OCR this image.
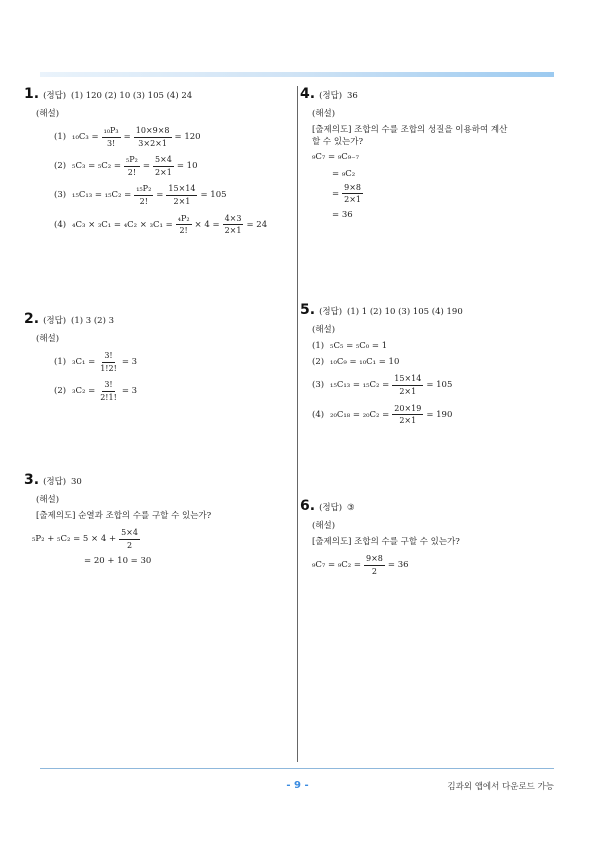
1. (정답) (1) 120 (2) 10 (3) 105 (4) 24
(해설)
(1) $_{10}C_3 = \frac{\text{₁₀P₃}}{3!} = \frac{10\times 9\times 8}{3\times 2\times 1} = 120$
(2) $_5C_3 = _5C_2 = \frac{\text{₅P₂}}{2!} = \frac{5\times 4}{2\times 1} = 10$
(3) $_{15}C_{13} = _{15}C_2 = \frac{\text{₁₅P₂}}{2!} = \frac{15\times 14}{2\times 1} = 105$
(4) $_4C_3 \times _3C_1 = _4C_2 \times _3C_1 = \frac{\text{₄P₂}}{2!} \times 4 = \frac{4\times 3}{2\times 1} = 24$
2. (정답) (1) 3 (2) 3
(해설)
(1) $_3C_1 = \frac{3!}{1!2!} = 3$
(2) $_3C_2 = \frac{3!}{2!1!} = 3$
3. (정답) 30
(해설)
[출제의도] 순열과 조합의 수를 구할 수 있는가?
$_5P_2 + _5C_2 = 5 \times 4 + \frac{5\times 4}{2}$
= 20 + 10 = 30
4. (정답) 36
(해설)
[출제의도] 조합의 수를 조합의 성질을 이용하여 계산
할 수 있는가?
₉C₇ = ₉C₉₋₇
= ₉C₂
= $\frac{9\times 8}{2\times 1}$
= 36
5. (정답) (1) 1 (2) 10 (3) 105 (4) 190
(해설)
(1) ₅C₅ = ₅C₀ = 1
(2) ₁₀C₉ = ₁₀C₁ = 10
(3) $_{15}C_{13} = _{15}C_2 = \frac{15\times 14}{2\times 1} = 105$
(4) $_{20}C_{18} = _{20}C_2 = \frac{20\times 19}{2\times 1} = 190$
6. (정답) ③
(해설)
[출제의도] 조합의 수를 구할 수 있는가?
$_9C_7 = _9C_2 = \frac{9\times 8}{2} = 36$
- 9 -	김과외 앱에서 다운로드 가능
